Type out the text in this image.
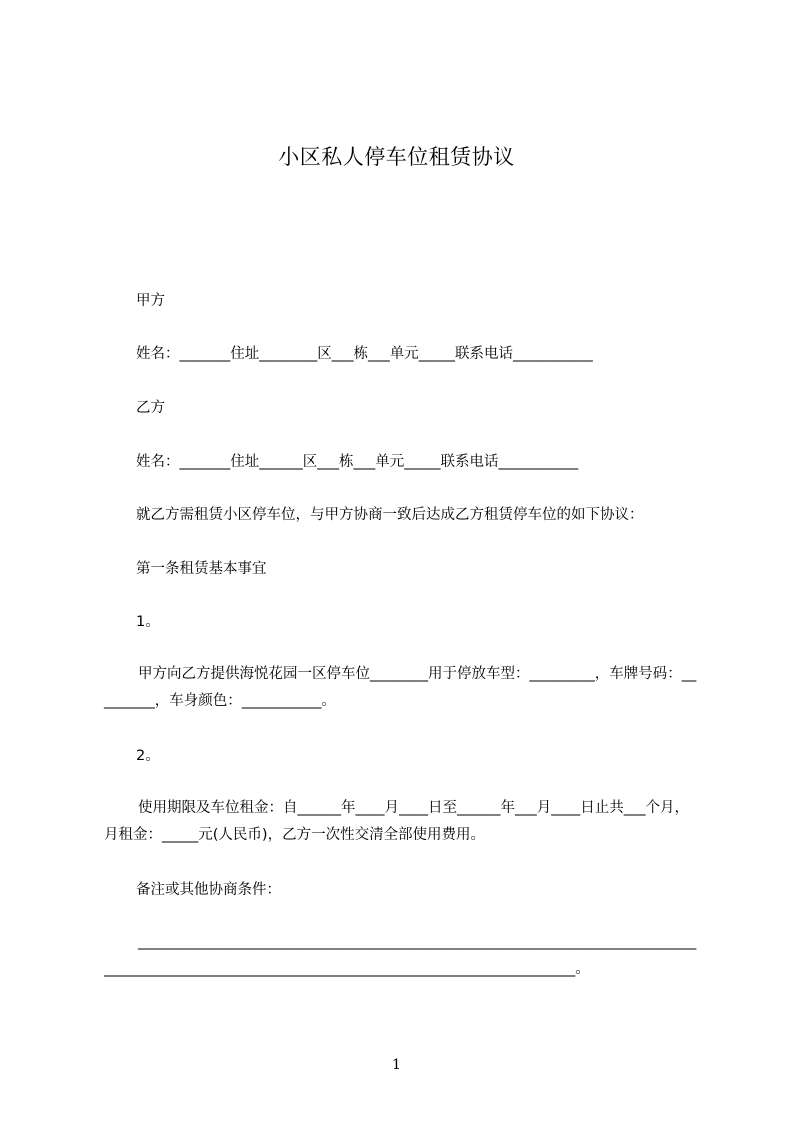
小区私人停车位租赁协议
甲方
姓名：_______住址________区___栋___单元_____联系电话___________
乙方
姓名：_______住址______区___栋___单元_____联系电话___________
就乙方需租赁小区停车位，与甲方协商一致后达成乙方租赁停车位的如下协议：
第一条租赁基本事宜
1。
甲方向乙方提供海悦花园一区停车位________用于停放车型：_________，车牌号码：_________，车身颜色：___________。
2。
使用期限及车位租金：自______年____月____日至______年___月____日止共___个月，月租金：_____元(人民币)，乙方一次性交清全部使用费用。
备注或其他协商条件：
______________________________________________________________________________________________________________________________________________。
1
